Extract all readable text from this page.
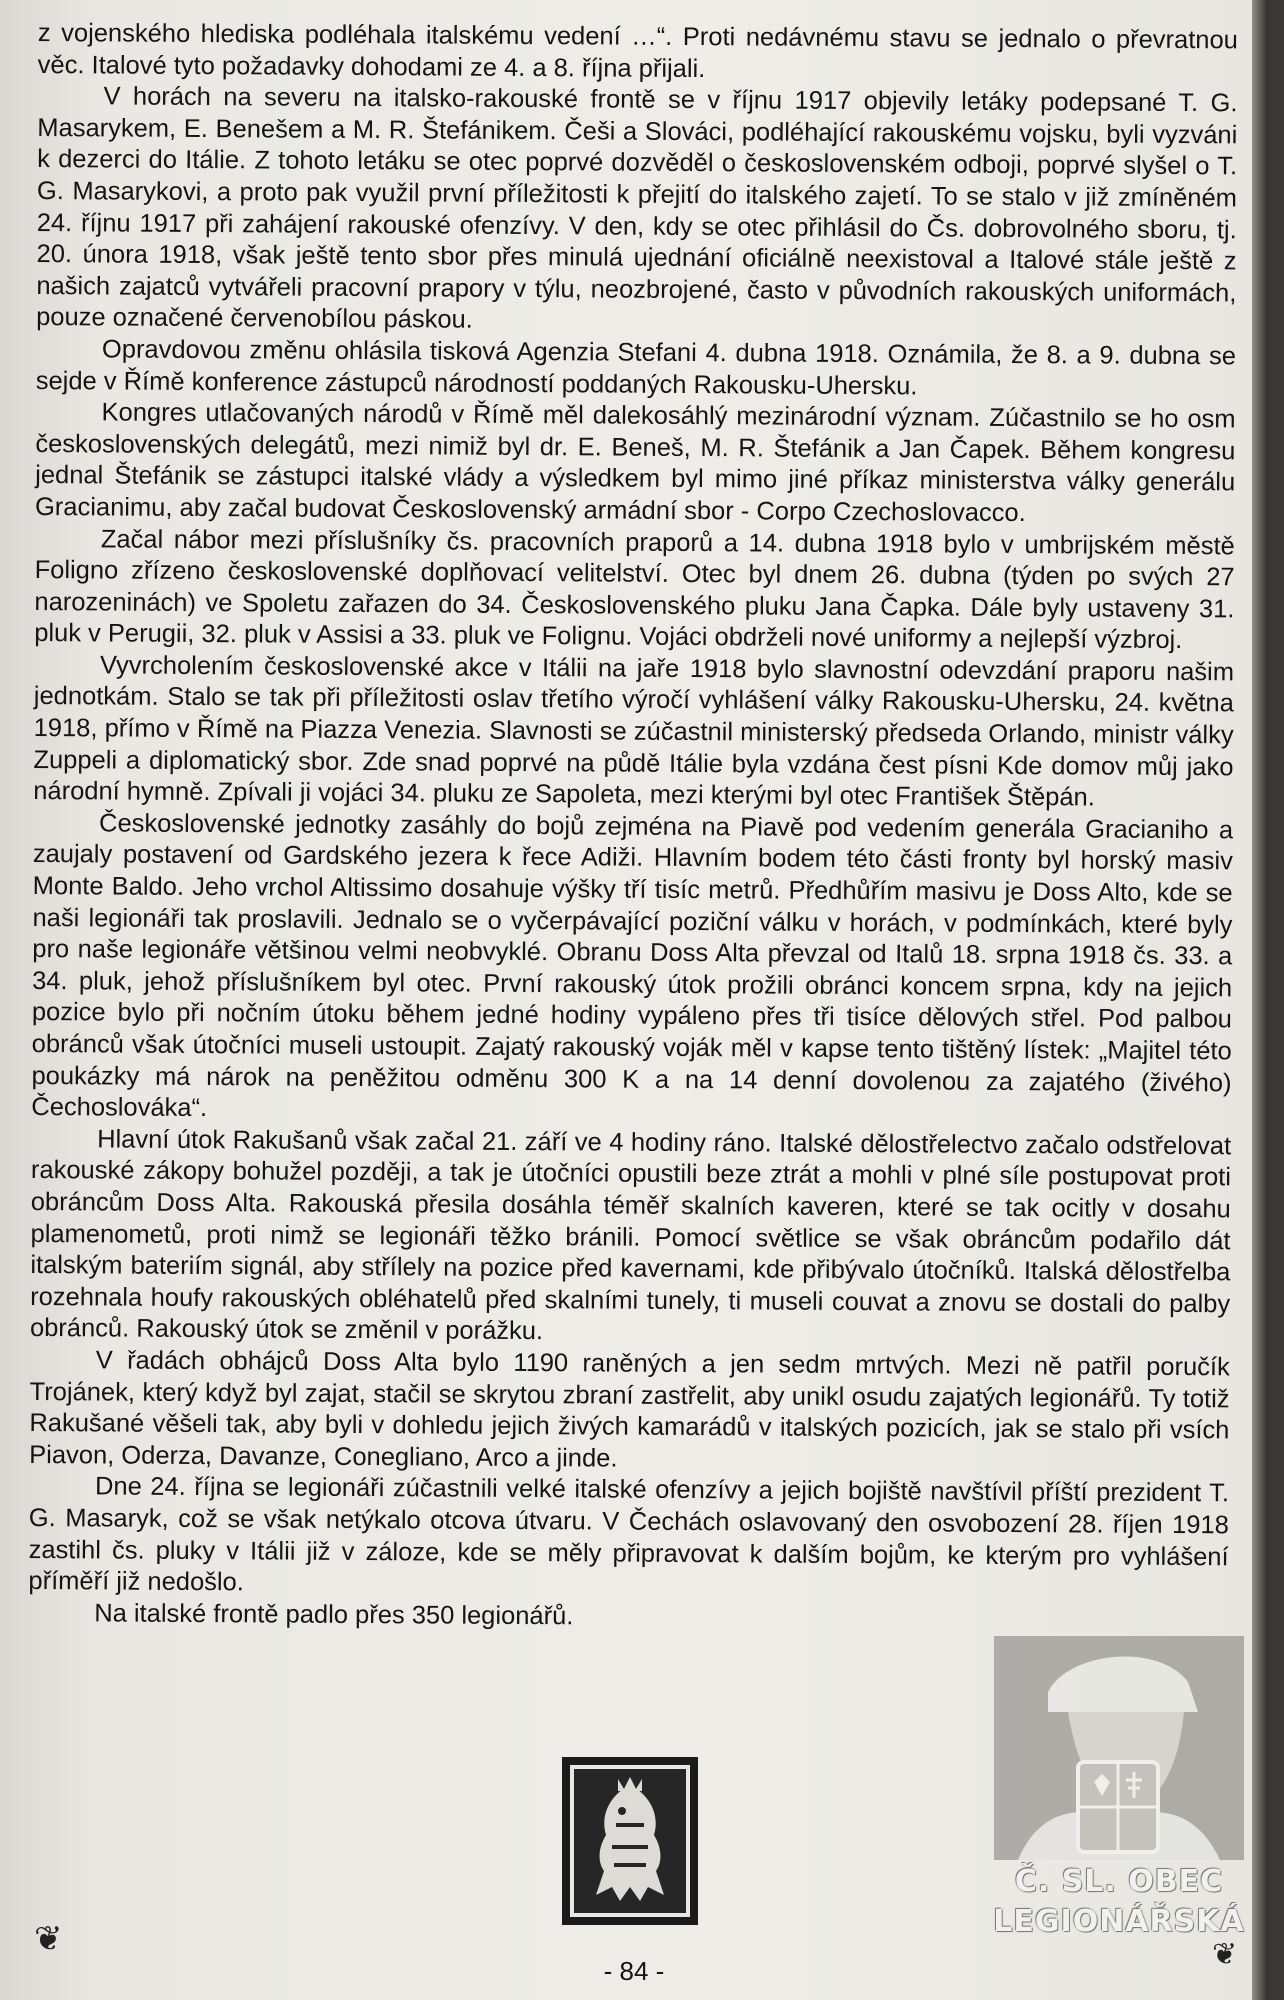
z vojenského hlediska podléhala italskému vedení …“. Proti nedávnému stavu se jednalo o převratnou věc. Italové tyto požadavky dohodami ze 4. a 8. října přijali.

V horách na severu na italsko-rakouské frontě se v říjnu 1917 objevily letáky podepsané T. G. Masarykem, E. Benešem a M. R. Štefánikem. Češi a Slováci, podléhající rakouskému vojsku, byli vyzváni k dezerci do Itálie. Z tohoto letáku se otec poprvé dozvěděl o československém odboji, poprvé slyšel o T. G. Masarykovi, a proto pak využil první příležitosti k přejití do italského zajetí. To se stalo v již zmíněném 24. říjnu 1917 při zahájení rakouské ofenzívy. V den, kdy se otec přihlásil do Čs. dobrovolného sboru, tj. 20. února 1918, však ještě tento sbor přes minulá ujednání oficiálně neexistoval a Italové stále ještě z našich zajatců vytvářeli pracovní prapory v týlu, neozbrojené, často v původních rakouských uniformách, pouze označené červenobílou páskou.

Opravdovou změnu ohlásila tisková Agenzia Stefani 4. dubna 1918. Oznámila, že 8. a 9. dubna se sejde v Římě konference zástupců národností poddaných Rakousku-Uhersku.

Kongres utlačovaných národů v Římě měl dalekosáhlý mezinárodní význam. Zúčastnilo se ho osm československých delegátů, mezi nimiž byl dr. E. Beneš, M. R. Štefánik a Jan Čapek. Během kongresu jednal Štefánik se zástupci italské vlády a výsledkem byl mimo jiné příkaz ministerstva války generálu Gracianimu, aby začal budovat Československý armádní sbor - Corpo Czechoslovacco.

Začal nábor mezi příslušníky čs. pracovních praporů a 14. dubna 1918 bylo v umbrijském městě Foligno zřízeno československé doplňovací velitelství. Otec byl dnem 26. dubna (týden po svých 27 narozeninách) ve Spoletu zařazen do 34. Československého pluku Jana Čapka. Dále byly ustaveny 31. pluk v Perugii, 32. pluk v Assisi a 33. pluk ve Folignu. Vojáci obdrželi nové uniformy a nejlepší výzbroj.

Vyvrcholením československé akce v Itálii na jaře 1918 bylo slavnostní odevzdání praporu našim jednotkám. Stalo se tak při příležitosti oslav třetího výročí vyhlášení války Rakousku-Uhersku, 24. května 1918, přímo v Římě na Piazza Venezia. Slavnosti se zúčastnil ministerský předseda Orlando, ministr války Zuppeli a diplomatický sbor. Zde snad poprvé na půdě Itálie byla vzdána čest písni Kde domov můj jako národní hymně. Zpívali ji vojáci 34. pluku ze Sapoleta, mezi kterými byl otec František Štěpán.

Československé jednotky zasáhly do bojů zejména na Piavě pod vedením generála Gracianiho a zaujaly postavení od Gardského jezera k řece Adiži. Hlavním bodem této části fronty byl horský masiv Monte Baldo. Jeho vrchol Altissimo dosahuje výšky tří tisíc metrů. Předhůřím masivu je Doss Alto, kde se naši legionáři tak proslavili. Jednalo se o vyčerpávající poziční válku v horách, v podmínkách, které byly pro naše legionáře většinou velmi neobvyklé. Obranu Doss Alta převzal od Italů 18. srpna 1918 čs. 33. a 34. pluk, jehož příslušníkem byl otec. První rakouský útok prožili obránci koncem srpna, kdy na jejich pozice bylo při nočním útoku během jedné hodiny vypáleno přes tři tisíce dělových střel. Pod palbou obránců však útočníci museli ustoupit. Zajatý rakouský voják měl v kapse tento tištěný lístek: „Majitel této poukázky má nárok na peněžitou odměnu 300 K a na 14 denní dovolenou za zajatého (živého) Čechoslováka“.

Hlavní útok Rakušanů však začal 21. září ve 4 hodiny ráno. Italské dělostřelectvo začalo odstřelovat rakouské zákopy bohužel později, a tak je útočníci opustili beze ztrát a mohli v plné síle postupovat proti obráncům Doss Alta. Rakouská přesila dosáhla téměř skalních kaveren, které se tak ocitly v dosahu plamenometů, proti nimž se legionáři těžko bránili. Pomocí světlice se však obráncům podařilo dát italským bateriím signál, aby střílely na pozice před kavernami, kde přibývalo útočníků. Italská dělostřelba rozehnala houfy rakouských obléhatelů před skalními tunely, ti museli couvat a znovu se dostali do palby obránců. Rakouský útok se změnil v porážku.

V řadách obhájců Doss Alta bylo 1190 raněných a jen sedm mrtvých. Mezi ně patřil poručík Trojánek, který když byl zajat, stačil se skrytou zbraní zastřelit, aby unikl osudu zajatých legionářů. Ty totiž Rakušané věšeli tak, aby byli v dohledu jejich živých kamarádů v italských pozicích, jak se stalo při vsích Piavon, Oderza, Davanze, Conegliano, Arco a jinde.

Dne 24. října se legionáři zúčastnili velké italské ofenzívy a jejich bojiště navštívil příští prezident T. G. Masaryk, což se však netýkalo otcova útvaru. V Čechách oslavovaný den osvobození 28. říjen 1918 zastihl čs. pluky v Itálii již v záloze, kde se měly připravovat k dalším bojům, ke kterým pro vyhlášení příměří již nedošlo.

Na italské frontě padlo přes 350 legionářů.

Č. SL. OBEC
LEGIONÁŘSKÁ
❦	❦
- 84 -
